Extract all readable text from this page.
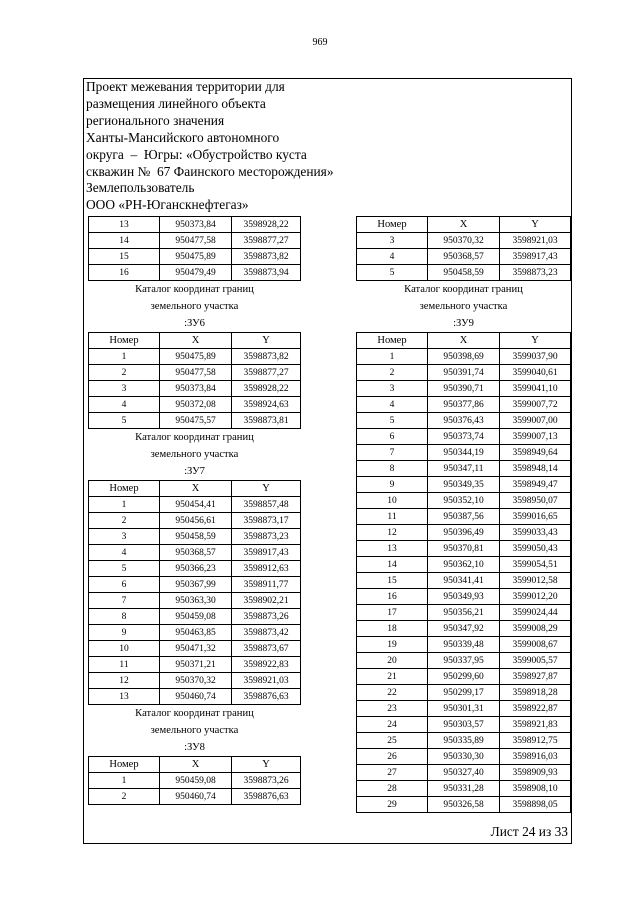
969
Проект межевания территории для
размещения линейного объекта
регионального значения
Ханты-Мансийского автономного
округа  –  Югры: «Обустройство куста
скважин №  67 Фаинского месторождения»
Землепользователь
ООО «РН-Юганскнефтегаз»
13	950373,84	3598928,22
14	950477,58	3598877,27
15	950475,89	3598873,82
16	950479,49	3598873,94
Каталог координат границ
земельного участка
:ЗУ6
Номер	X	Y
1	950475,89	3598873,82
2	950477,58	3598877,27
3	950373,84	3598928,22
4	950372,08	3598924,63
5	950475,57	3598873,81
Каталог координат границ
земельного участка
:ЗУ7
Номер	X	Y
1	950454,41	3598857,48
2	950456,61	3598873,17
3	950458,59	3598873,23
4	950368,57	3598917,43
5	950366,23	3598912,63
6	950367,99	3598911,77
7	950363,30	3598902,21
8	950459,08	3598873,26
9	950463,85	3598873,42
10	950471,32	3598873,67
11	950371,21	3598922,83
12	950370,32	3598921,03
13	950460,74	3598876,63
Каталог координат границ
земельного участка
:ЗУ8
Номер	X	Y
1	950459,08	3598873,26
2	950460,74	3598876,63
Номер	X	Y
3	950370,32	3598921,03
4	950368,57	3598917,43
5	950458,59	3598873,23
Каталог координат границ
земельного участка
:ЗУ9
Номер	X	Y
1	950398,69	3599037,90
2	950391,74	3599040,61
3	950390,71	3599041,10
4	950377,86	3599007,72
5	950376,43	3599007,00
6	950373,74	3599007,13
7	950344,19	3598949,64
8	950347,11	3598948,14
9	950349,35	3598949,47
10	950352,10	3598950,07
11	950387,56	3599016,65
12	950396,49	3599033,43
13	950370,81	3599050,43
14	950362,10	3599054,51
15	950341,41	3599012,58
16	950349,93	3599012,20
17	950356,21	3599024,44
18	950347,92	3599008,29
19	950339,48	3599008,67
20	950337,95	3599005,57
21	950299,60	3598927,87
22	950299,17	3598918,28
23	950301,31	3598922,87
24	950303,57	3598921,83
25	950335,89	3598912,75
26	950330,30	3598916,03
27	950327,40	3598909,93
28	950331,28	3598908,10
29	950326,58	3598898,05
Лист 24 из 33
